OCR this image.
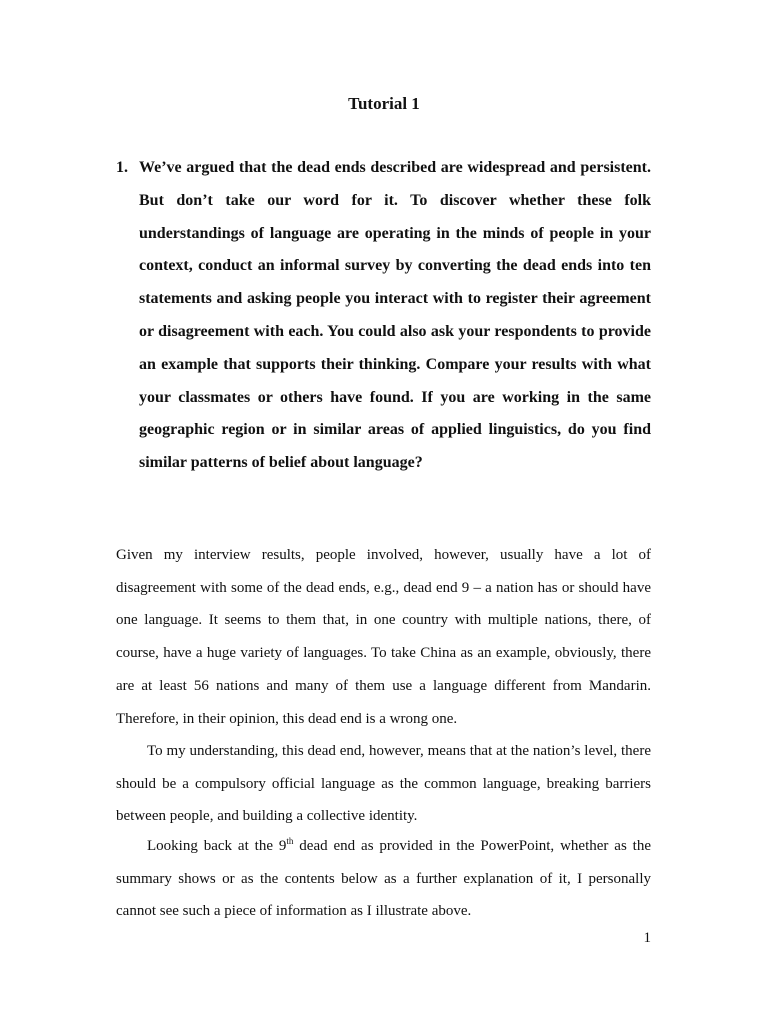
Tutorial 1
1. We’ve argued that the dead ends described are widespread and persistent. But don’t take our word for it. To discover whether these folk understandings of language are operating in the minds of people in your context, conduct an informal survey by converting the dead ends into ten statements and asking people you interact with to register their agreement or disagreement with each. You could also ask your respondents to provide an example that supports their thinking. Compare your results with what your classmates or others have found. If you are working in the same geographic region or in similar areas of applied linguistics, do you find similar patterns of belief about language?

Given my interview results, people involved, however, usually have a lot of disagreement with some of the dead ends, e.g., dead end 9 – a nation has or should have one language. It seems to them that, in one country with multiple nations, there, of course, have a huge variety of languages. To take China as an example, obviously, there are at least 56 nations and many of them use a language different from Mandarin. Therefore, in their opinion, this dead end is a wrong one.

To my understanding, this dead end, however, means that at the nation’s level, there should be a compulsory official language as the common language, breaking barriers between people, and building a collective identity.

Looking back at the 9th dead end as provided in the PowerPoint, whether as the summary shows or as the contents below as a further explanation of it, I personally cannot see such a piece of information as I illustrate above.

1
